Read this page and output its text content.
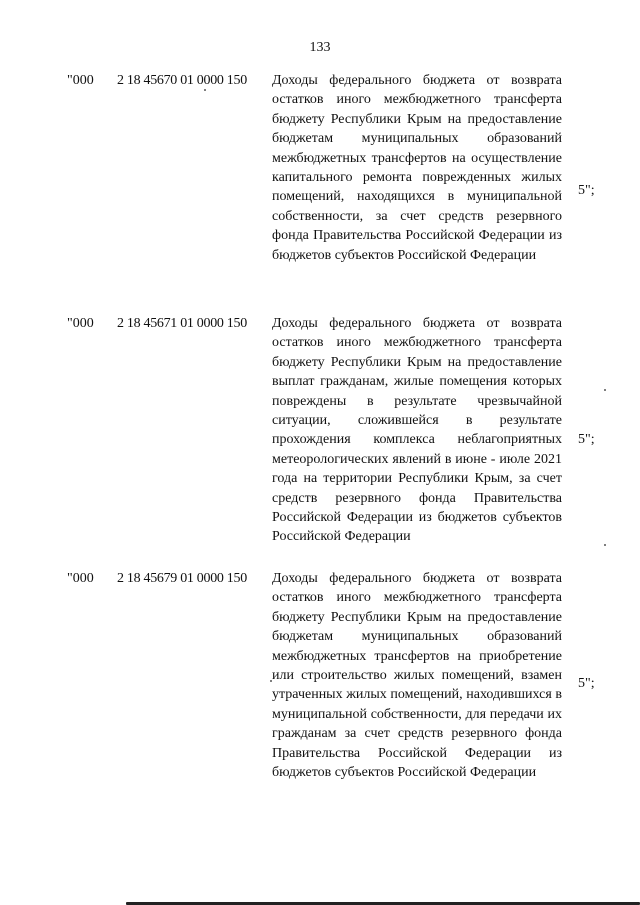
133
"000 2 18 45670 01 0000 150 Доходы федерального бюджета от возврата остатков иного межбюджетного трансферта бюджету Республики Крым на предоставление бюджетам муниципальных образований межбюджетных трансфертов на осуществление капитального ремонта поврежденных жилых помещений, находящихся в муниципальной собственности, за счет средств резервного фонда Правительства Российской Федерации из бюджетов субъектов Российской Федерации
5";
"000 2 18 45671 01 0000 150 Доходы федерального бюджета от возврата остатков иного межбюджетного трансферта бюджету Республики Крым на предоставление выплат гражданам, жилые помещения которых повреждены в результате чрезвычайной ситуации, сложившейся в результате прохождения комплекса неблагоприятных метеорологических явлений в июне - июле 2021 года на территории Республики Крым, за счет средств резервного фонда Правительства Российской Федерации из бюджетов субъектов Российской Федерации
5";
"000 2 18 45679 01 0000 150 Доходы федерального бюджета от возврата остатков иного межбюджетного трансферта бюджету Республики Крым на предоставление бюджетам муниципальных образований межбюджетных трансфертов на приобретение или строительство жилых помещений, взамен утраченных жилых помещений, находившихся в муниципальной собственности, для передачи их гражданам за счет средств резервного фонда Правительства Российской Федерации из бюджетов субъектов Российской Федерации
5";
